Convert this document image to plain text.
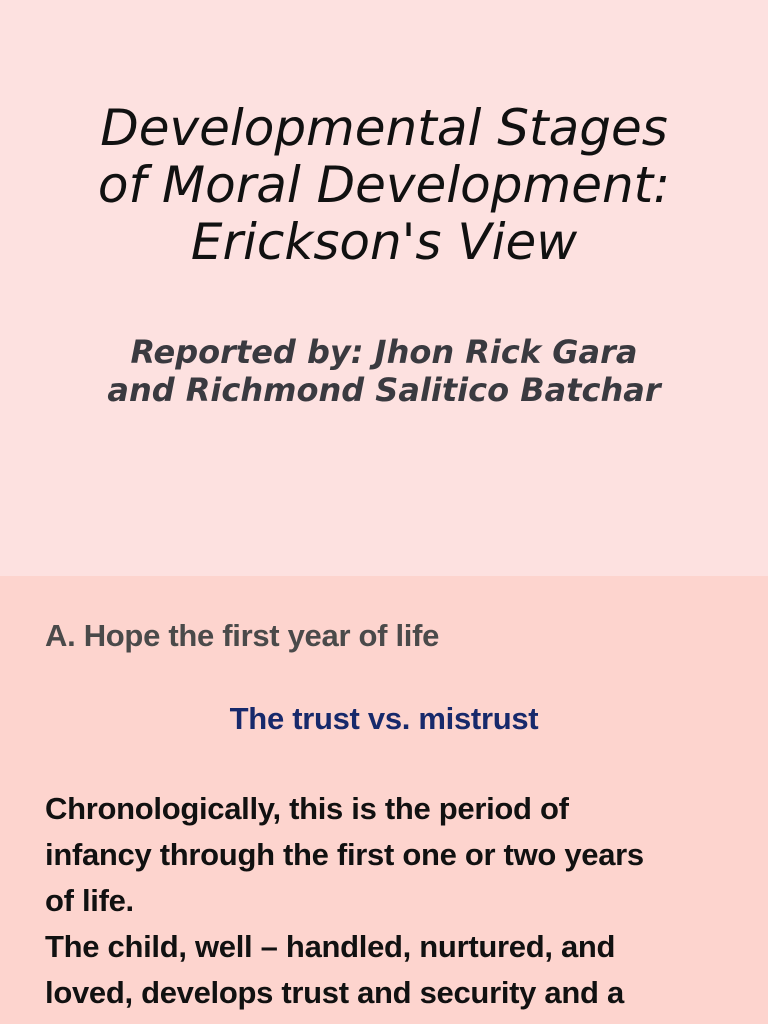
Developmental Stages
of Moral Development:
Erickson's View
Reported by: Jhon Rick Gara
and Richmond Salitico Batchar
A. Hope the first year of life
The trust vs. mistrust
Chronologically, this is the period of
infancy through the first one or two years
of life.
The child, well – handled, nurtured, and
loved, develops trust and security and a
